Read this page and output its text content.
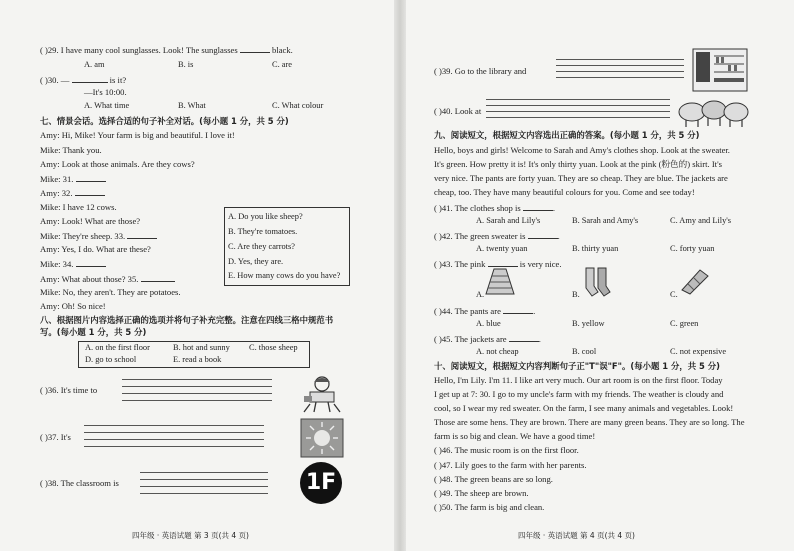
( )29. I have many cool sunglasses. Look! The sunglasses	black.
A. am	B. is	C. are
( )30. —	is it?
—It's 10:00.
A. What time	B. What	C. What colour
七、情景会话。选择合适的句子补全对话。(每小题 1 分，共 5 分)
Amy: Hi, Mike! Your farm is big and beautiful. I love it!
Mike: Thank you.
Amy: Look at those animals. Are they cows?
Mike: 31.
Amy: 32.
Mike: I have 12 cows.
Amy: Look! What are those?
Mike: They're sheep. 33.
Amy: Yes, I do. What are these?
Mike: 34.
Amy: What about those? 35.
Mike: No, they aren't. They are potatoes.
Amy: Oh! So nice!
A. Do you like sheep?
B. They're tomatoes.
C. Are they carrots?
D. Yes, they are.
E. How many cows do you have?
八、根据图片内容选择正确的选项并将句子补充完整。注意在四线三格中规范书
写。(每小题 1 分，共 5 分)
A. on the first floor	B. hot and sunny C. those sheep
D. go to school	E. read a book
( )36. It's time to
( )37. It's
( )38. The classroom is	1F
四年级 · 英语试题 第 3 页(共 4 页)
( )39. Go to the library and
( )40. Look at
九、阅读短文，根据短文内容选出正确的答案。(每小题 1 分，共 5 分)
Hello, boys and girls! Welcome to Sarah and Amy's clothes shop. Look at the sweater.
It's green. How pretty it is! It's only thirty yuan. Look at the pink (粉色的) skirt. It's
very nice. The pants are forty yuan. They are so cheap. They are blue. The jackets are
cheap, too. They have many beautiful colours for you. Come and see today!
( )41. The clothes shop is	.
A. Sarah and Lily's	B. Sarah and Amy's	C. Amy and Lily's
( )42. The green sweater is	.
A. twenty yuan	B. thirty yuan	C. forty yuan
( )43. The pink	is very nice.
A.	B.	C.
( )44. The pants are	.
A. blue	B. yellow	C. green
( )45. The jackets are	.
A. not cheap	B. cool	C. not expensive
十、阅读短文，根据短文内容判断句子正"T"误"F"。(每小题 1 分，共 5 分)
Hello, I'm Lily. I'm 11. I like art very much. Our art room is on the first floor. Today
I get up at 7: 30. I go to my uncle's farm with my friends. The weather is cloudy and
cool, so I wear my red sweater. On the farm, I see many animals and vegetables. Look!
Those are some hens. They are brown. There are many green beans. They are so long. The
farm is so big and clean. We have a good time!
( )46. The music room is on the first floor.
( )47. Lily goes to the farm with her parents.
( )48. The green beans are so long.
( )49. The sheep are brown.
( )50. The farm is big and clean.
四年级 · 英语试题 第 4 页(共 4 页)
